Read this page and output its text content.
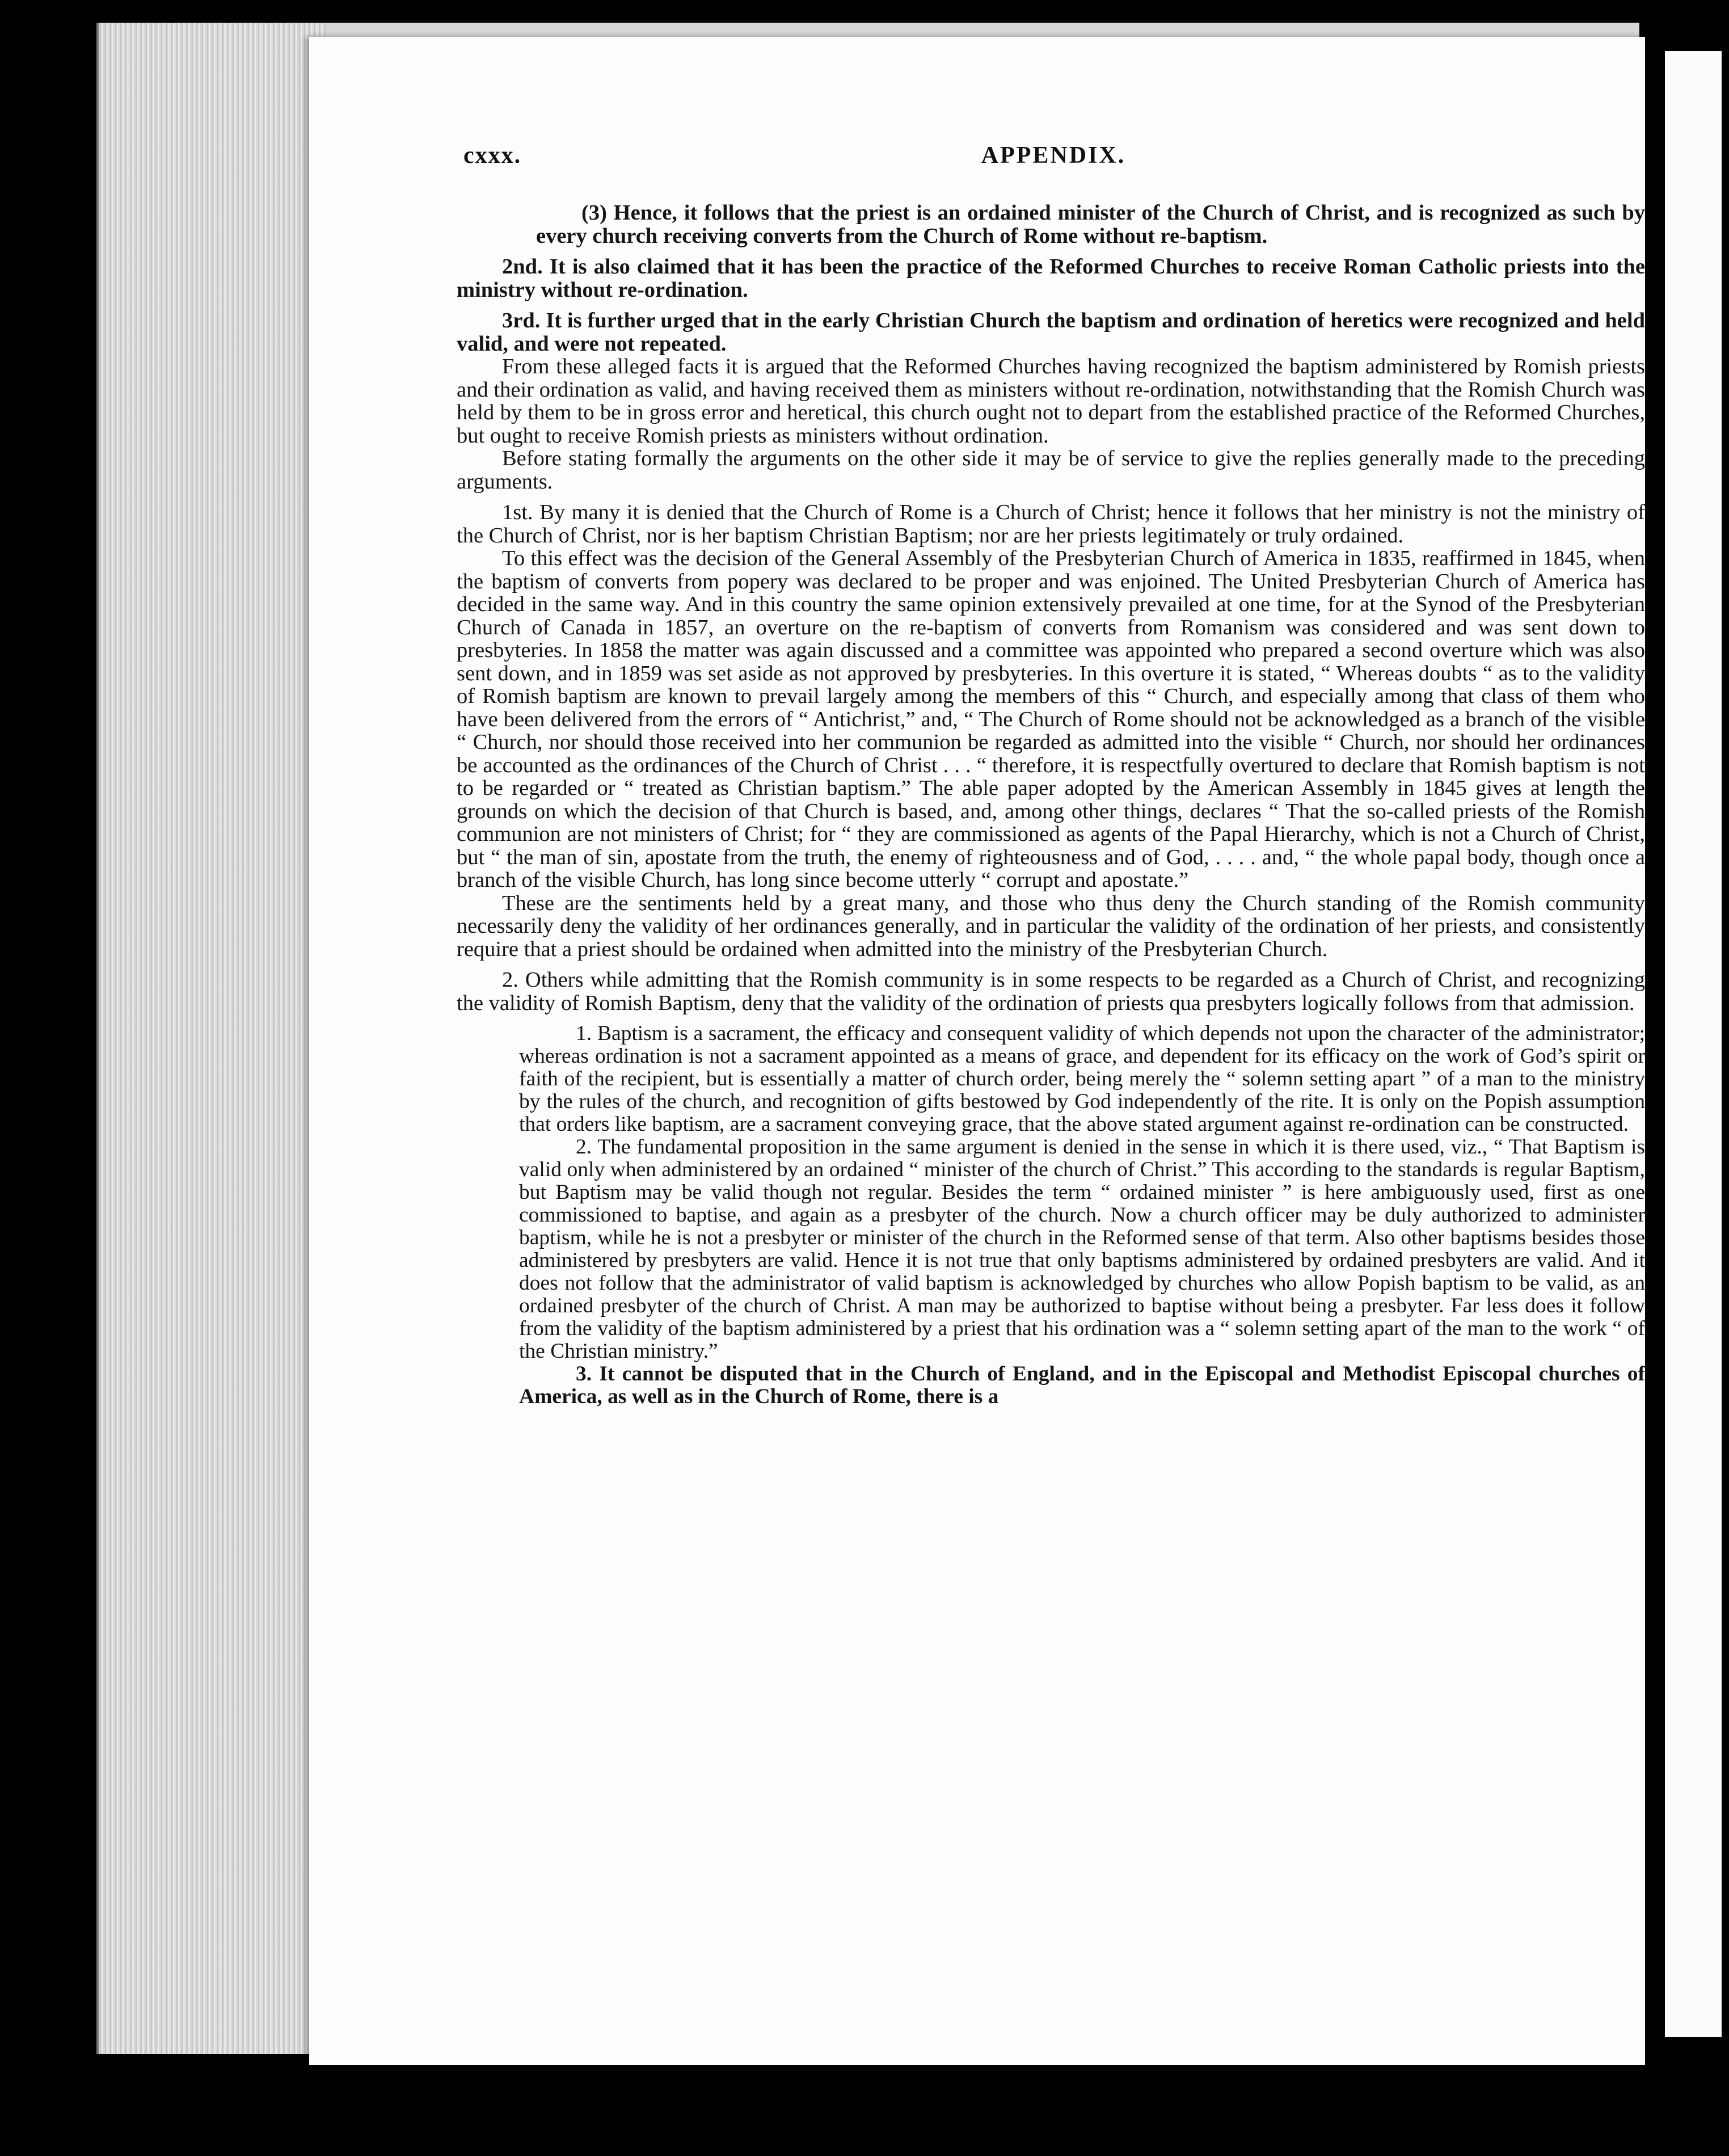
cxxx.	APPENDIX.

(3) Hence, it follows that the priest is an ordained minister of the Church of Christ, and is recognized as such by every church receiving converts from the Church of Rome without re-baptism.

2nd. It is also claimed that it has been the practice of the Reformed Churches to receive Roman Catholic priests into the ministry without re-ordination.

3rd. It is further urged that in the early Christian Church the baptism and ordination of heretics were recognized and held valid, and were not repeated.

From these alleged facts it is argued that the Reformed Churches having recognized the baptism administered by Romish priests and their ordination as valid, and having received them as ministers without re-ordination, notwithstanding that the Romish Church was held by them to be in gross error and heretical, this church ought not to depart from the established practice of the Reformed Churches, but ought to receive Romish priests as ministers without ordination.

Before stating formally the arguments on the other side it may be of service to give the replies generally made to the preceding arguments.

1st. By many it is denied that the Church of Rome is a Church of Christ; hence it follows that her ministry is not the ministry of the Church of Christ, nor is her baptism Christian Baptism; nor are her priests legitimately or truly ordained.

To this effect was the decision of the General Assembly of the Presbyterian Church of America in 1835, reaffirmed in 1845, when the baptism of converts from popery was declared to be proper and was enjoined. The United Presbyterian Church of America has decided in the same way. And in this country the same opinion extensively prevailed at one time, for at the Synod of the Presbyterian Church of Canada in 1857, an overture on the re-baptism of converts from Romanism was considered and was sent down to presbyteries. In 1858 the matter was again discussed and a committee was appointed who prepared a second overture which was also sent down, and in 1859 was set aside as not approved by presbyteries. In this overture it is stated, “ Whereas doubts “ as to the validity of Romish baptism are known to prevail largely among the members of this “ Church, and especially among that class of them who have been delivered from the errors of “ Antichrist,” and, “ The Church of Rome should not be acknowledged as a branch of the visible “ Church, nor should those received into her communion be regarded as admitted into the visible “ Church, nor should her ordinances be accounted as the ordinances of the Church of Christ . . . “ therefore, it is respectfully overtured to declare that Romish baptism is not to be regarded or “ treated as Christian baptism.” The able paper adopted by the American Assembly in 1845 gives at length the grounds on which the decision of that Church is based, and, among other things, declares “ That the so-called priests of the Romish communion are not ministers of Christ; for “ they are commissioned as agents of the Papal Hierarchy, which is not a Church of Christ, but “ the man of sin, apostate from the truth, the enemy of righteousness and of God, . . . . and, “ the whole papal body, though once a branch of the visible Church, has long since become utterly “ corrupt and apostate.”

These are the sentiments held by a great many, and those who thus deny the Church standing of the Romish community necessarily deny the validity of her ordinances generally, and in particular the validity of the ordination of her priests, and consistently require that a priest should be ordained when admitted into the ministry of the Presbyterian Church.

2. Others while admitting that the Romish community is in some respects to be regarded as a Church of Christ, and recognizing the validity of Romish Baptism, deny that the validity of the ordination of priests qua presbyters logically follows from that admission.

1. Baptism is a sacrament, the efficacy and consequent validity of which depends not upon the character of the administrator; whereas ordination is not a sacrament appointed as a means of grace, and dependent for its efficacy on the work of God’s spirit or faith of the recipient, but is essentially a matter of church order, being merely the “ solemn setting apart ” of a man to the ministry by the rules of the church, and recognition of gifts bestowed by God independently of the rite. It is only on the Popish assumption that orders like baptism, are a sacrament conveying grace, that the above stated argument against re-ordination can be constructed.

2. The fundamental proposition in the same argument is denied in the sense in which it is there used, viz., “ That Baptism is valid only when administered by an ordained “ minister of the church of Christ.” This according to the standards is regular Baptism, but Baptism may be valid though not regular. Besides the term “ ordained minister ” is here ambiguously used, first as one commissioned to baptise, and again as a presbyter of the church. Now a church officer may be duly authorized to administer baptism, while he is not a presbyter or minister of the church in the Reformed sense of that term. Also other baptisms besides those administered by presbyters are valid. Hence it is not true that only baptisms administered by ordained presbyters are valid. And it does not follow that the administrator of valid baptism is acknowledged by churches who allow Popish baptism to be valid, as an ordained presbyter of the church of Christ. A man may be authorized to baptise without being a presbyter. Far less does it follow from the validity of the baptism administered by a priest that his ordination was a “ solemn setting apart of the man to the work “ of the Christian ministry.”

3. It cannot be disputed that in the Church of England, and in the Episcopal and Methodist Episcopal churches of America, as well as in the Church of Rome, there is a
